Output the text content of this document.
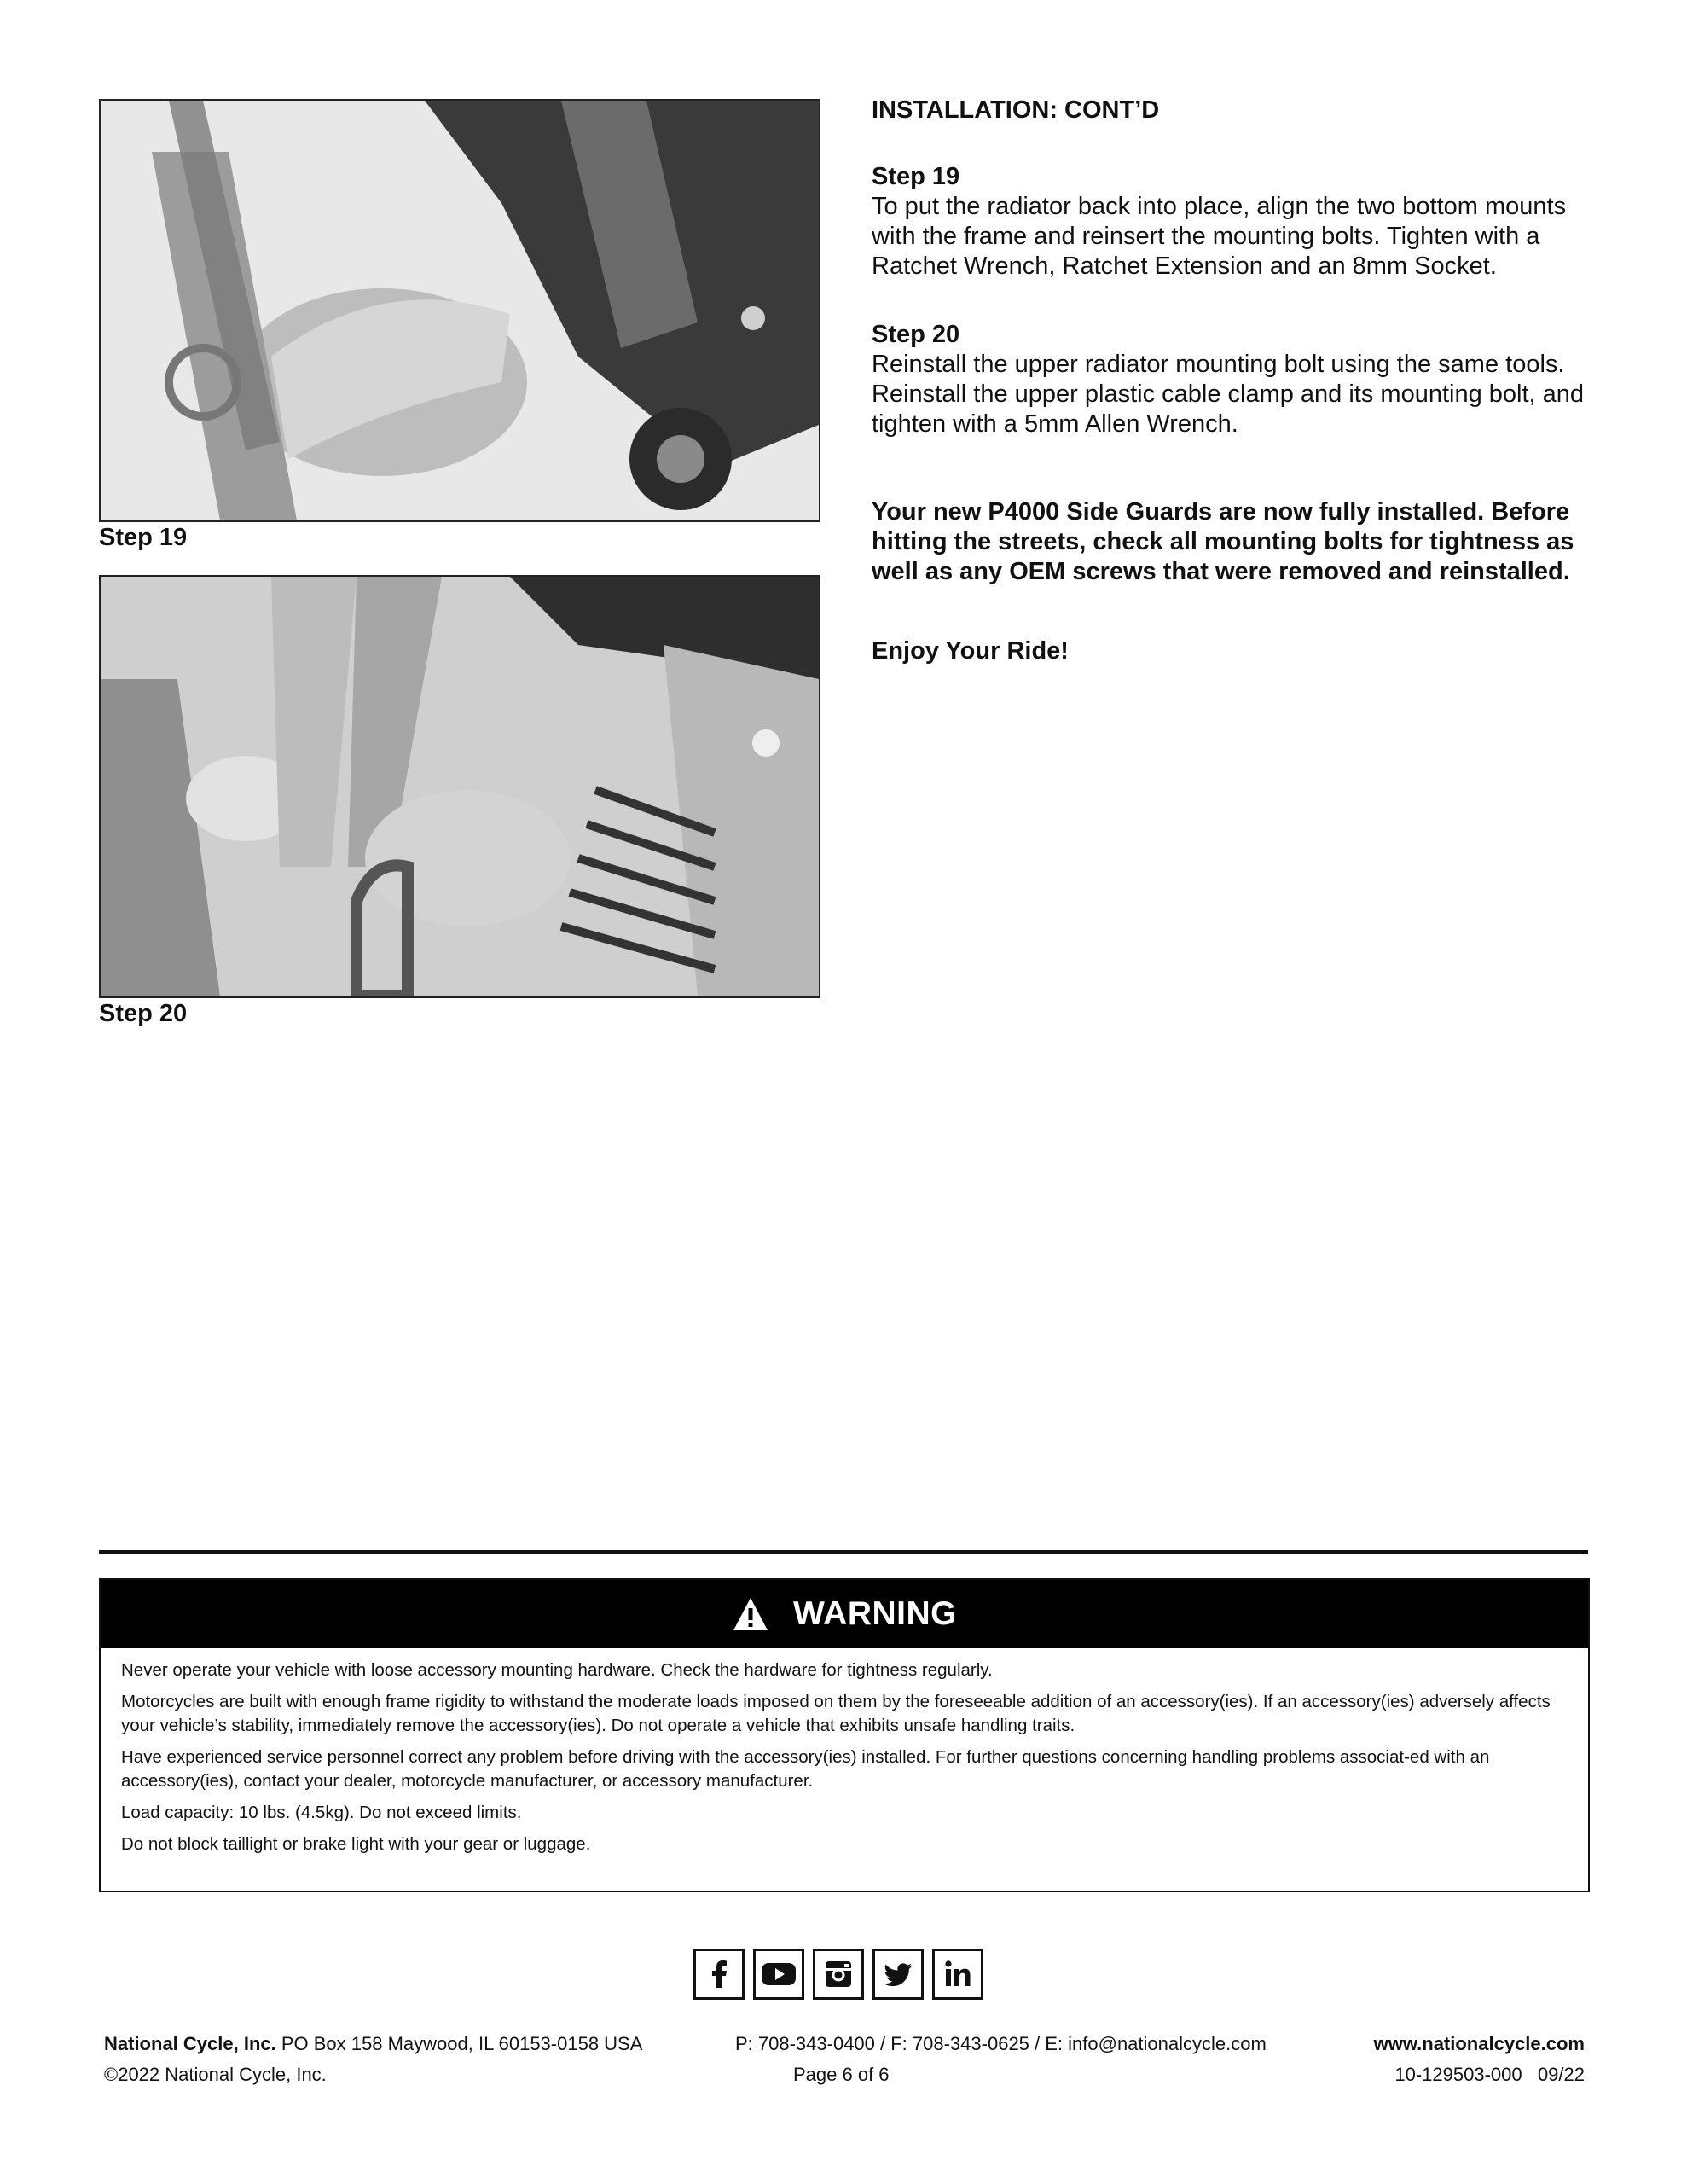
Step 19
Step 20
INSTALLATION: CONT’D
Step 19
To put the radiator back into place, align the two bottom mounts with the frame and reinsert the mounting bolts. Tighten with a Ratchet Wrench, Ratchet Extension and an 8mm Socket.
Step 20
Reinstall the upper radiator mounting bolt using the same tools. Reinstall the upper plastic cable clamp and its mounting bolt, and tighten with a 5mm Allen Wrench.
Your new P4000 Side Guards are now fully installed. Before hitting the streets, check all mounting bolts for tightness as well as any OEM screws that were removed and reinstalled.
Enjoy Your Ride!
WARNING

Never operate your vehicle with loose accessory mounting hardware. Check the hardware for tightness regularly.

Motorcycles are built with enough frame rigidity to withstand the moderate loads imposed on them by the foreseeable addition of an accessory(ies). If an accessory(ies) adversely affects your vehicle’s stability, immediately remove the accessory(ies). Do not operate a vehicle that exhibits unsafe handling traits.

Have experienced service personnel correct any problem before driving with the accessory(ies) installed. For further questions concerning handling problems associat-ed with an accessory(ies), contact your dealer, motorcycle manufacturer, or accessory manufacturer.

Load capacity: 10 lbs. (4.5kg). Do not exceed limits.

Do not block taillight or brake light with your gear or luggage.

National Cycle, Inc. PO Box 158 Maywood, IL 60153-0158 USA	P: 708-343-0400 / F: 708-343-0625 / E: info@nationalcycle.com	www.nationalcycle.com
©2022 National Cycle, Inc.	Page 6 of 6	10-129503-000   09/22
